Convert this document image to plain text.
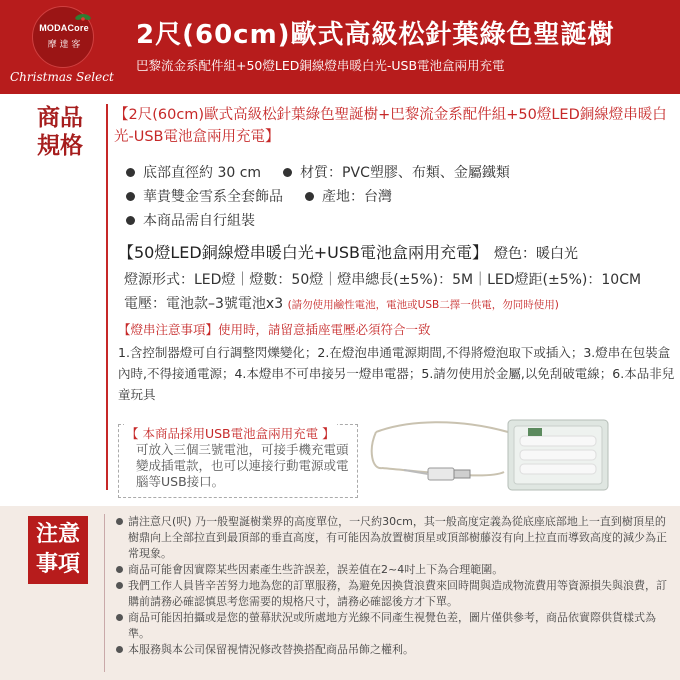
MODACore
摩 達 客
Christmas Select
2尺(60cm)歐式高級松針葉綠色聖誕樹
巴黎流金系配件組+50燈LED銅線燈串暖白光-USB電池盒兩用充電
商品規格
【2尺(60cm)歐式高級松針葉綠色聖誕樹+巴黎流金系配件組+50燈LED銅線燈串暖白光-USB電池盒兩用充電】
底部直徑約 30 cm	材質：PVC塑膠、布類、金屬鐵類
華貴雙金雪系全套飾品	產地：台灣
本商品需自行組裝
【50燈LED銅線燈串暖白光+USB電池盒兩用充電】 燈色：暖白光
燈源形式：LED燈｜燈數：50燈｜燈串總長(±5%)：5M｜LED燈距(±5%)：10CM
電壓：電池款–3號電池x3 (請勿使用鹼性電池，電池或USB二擇一供電，勿同時使用)
【燈串注意事項】使用時，請留意插座電壓必須符合一致
1.含控制器燈可自行調整閃爍變化；2.在燈泡串通電源期間,不得將燈泡取下或插入；3.燈串在包裝盒內時,不得接通電源；4.本燈串不可串接另一燈串電器；5.請勿使用於金屬,以免刮破電線；6.本品非兒童玩具
【 本商品採用USB電池盒兩用充電 】
可放入三個三號電池，可接手機充電頭變成插電款，也可以連接行動電源或電腦等USB接口。
注意事項
請注意尺(呎) 乃一般聖誕樹業界的高度單位，一尺約30cm，其一般高度定義為從底座底部地上一直到樹頂星的樹鼎向上全部拉直到最頂部的垂直高度，有可能因為放置樹頂星或頂部樹藤沒有向上拉直而導致高度的減少為正常現象。
商品可能會因實際某些因素產生些許誤差，誤差值在2~4吋上下為合理範圍。
我們工作人員皆辛苦努力地為您的訂單服務，為避免因換貨浪費來回時間與造成物流費用等資源損失與浪費，訂購前請務必確認慎思考您需要的規格尺寸，請務必確認後方才下單。
商品可能因拍攝或是您的螢幕狀況或所處地方光線不同產生視覺色差，圖片僅供參考，商品依實際供貨樣式為準。
本服務與本公司保留視情況修改替換搭配商品吊飾之權利。
